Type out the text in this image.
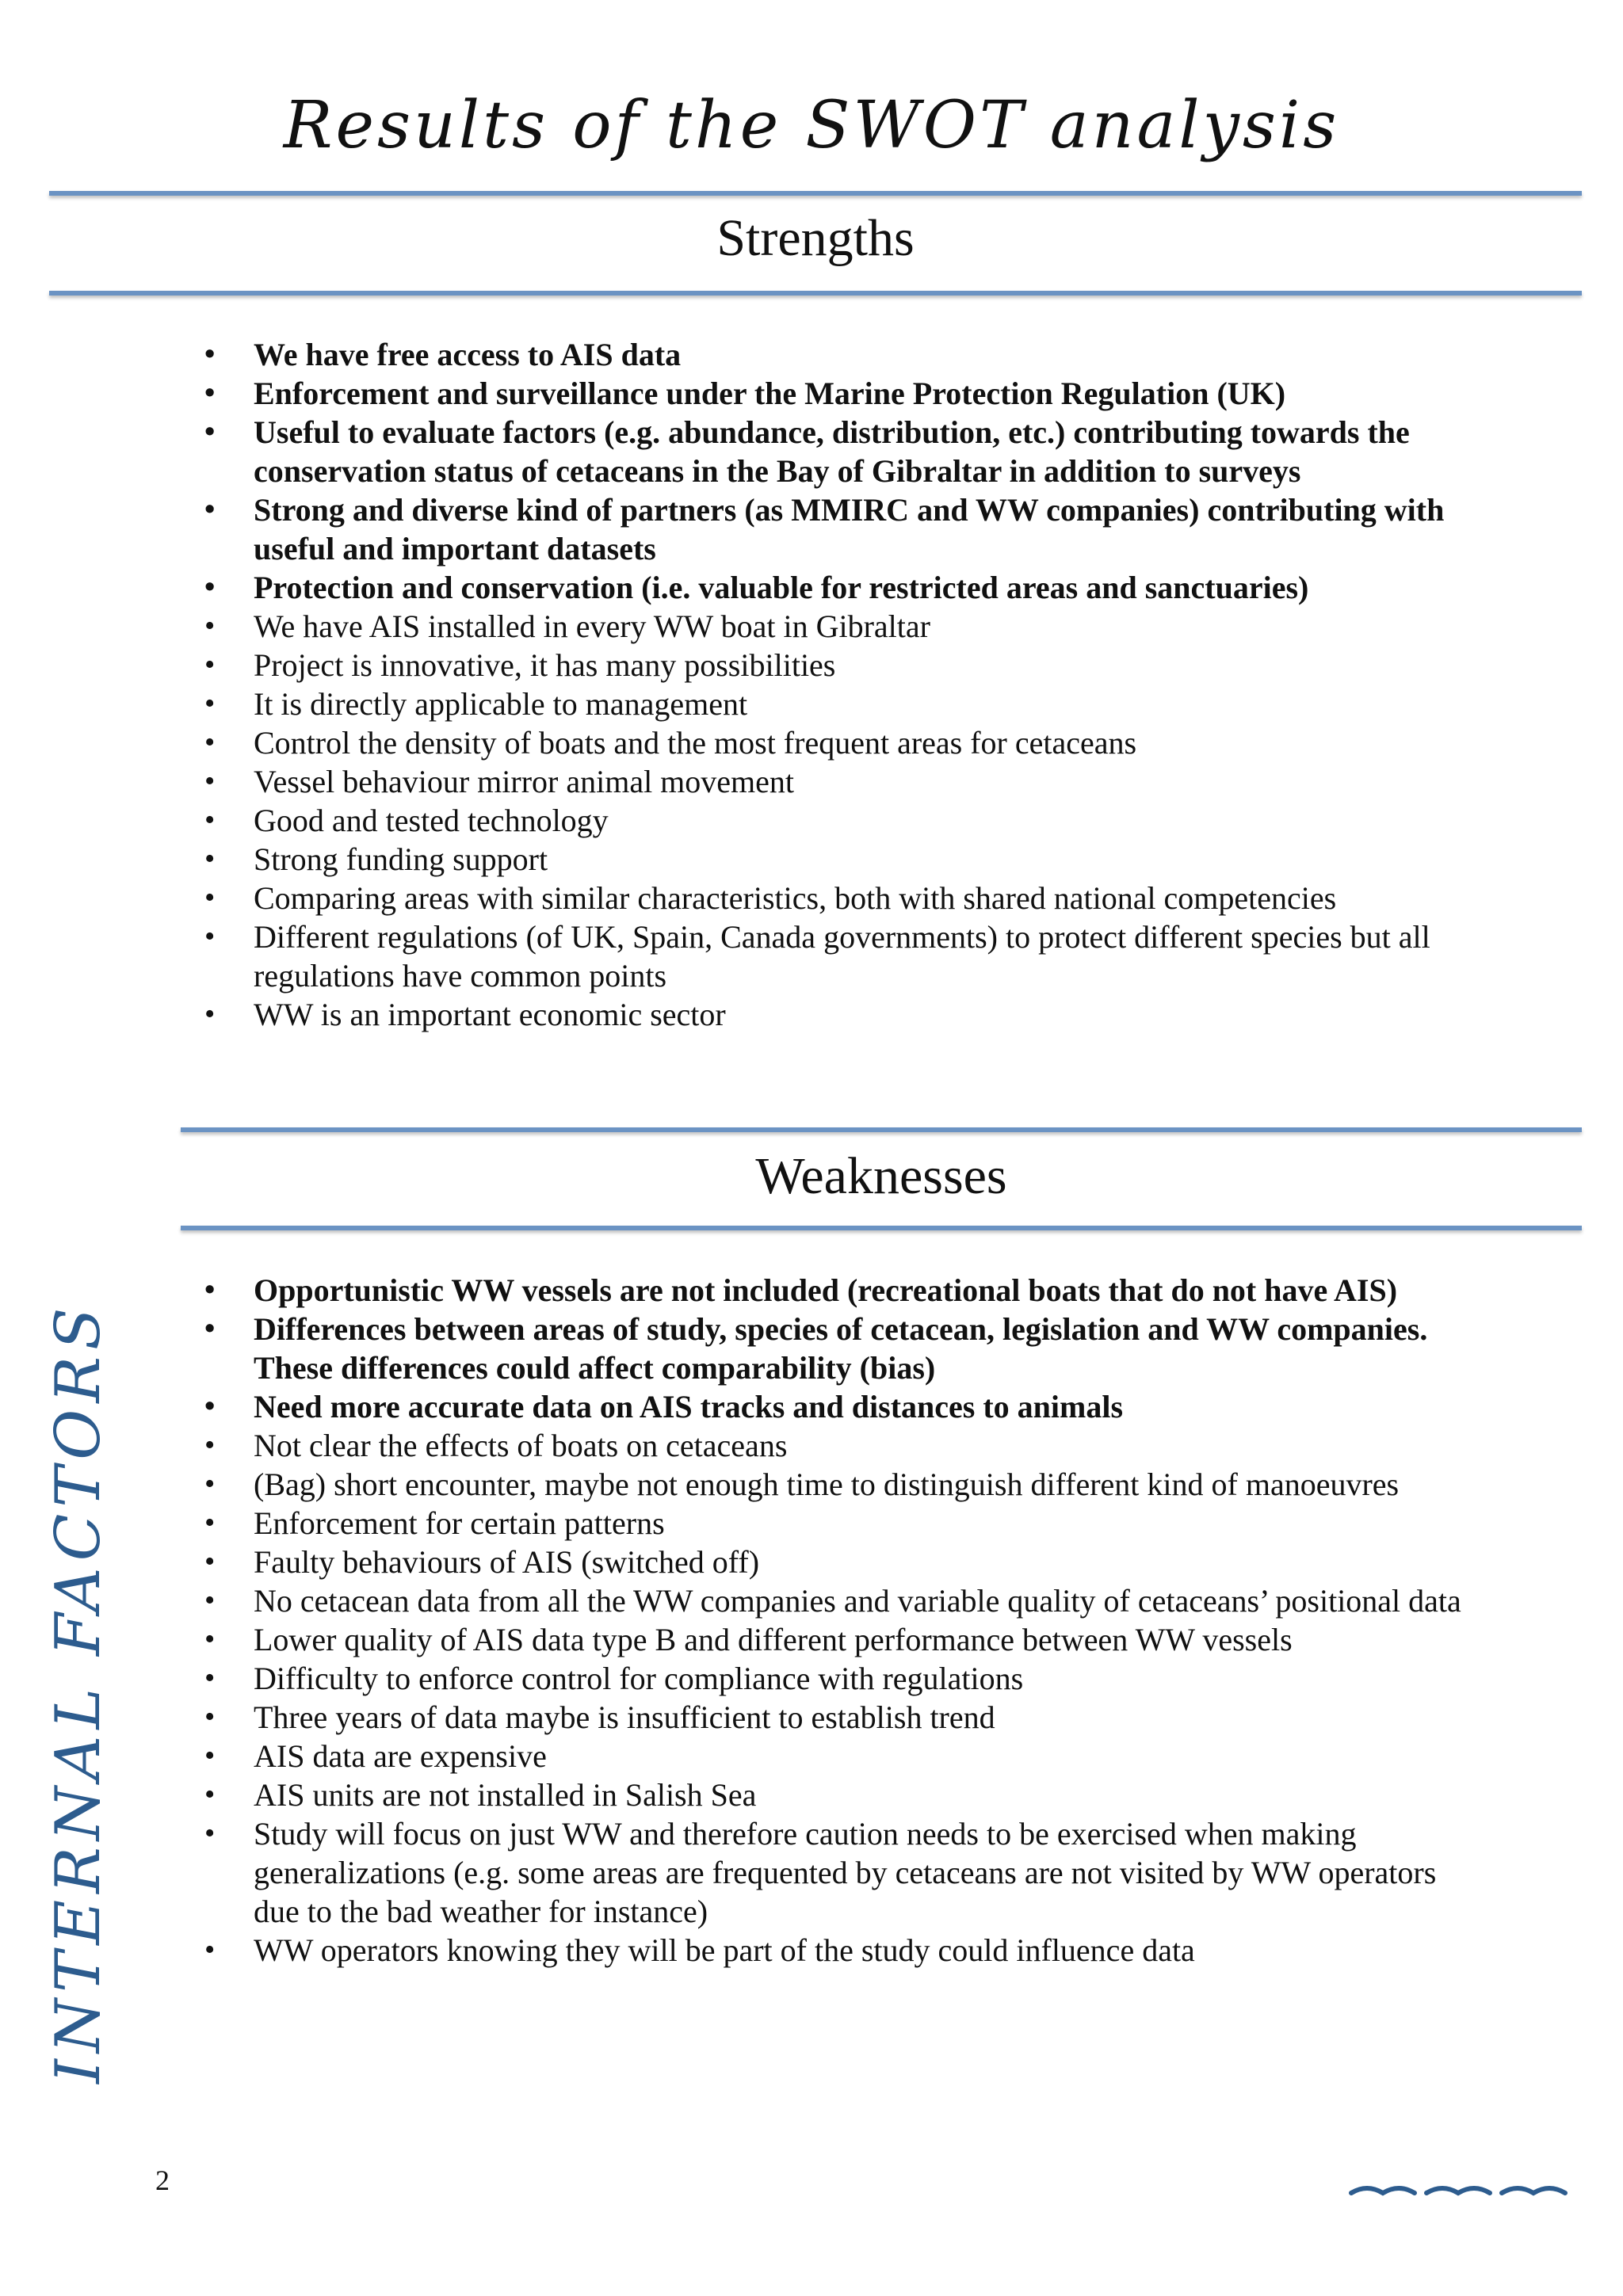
Results of the SWOT analysis
Strengths
• We have free access to AIS data
• Enforcement and surveillance under the Marine Protection Regulation (UK)
• Useful to evaluate factors (e.g. abundance, distribution, etc.) contributing towards the conservation status of cetaceans in the Bay of Gibraltar in addition to surveys
• Strong and diverse kind of partners (as MMIRC and WW companies) contributing with useful and important datasets
• Protection and conservation (i.e. valuable for restricted areas and sanctuaries)
• We have AIS installed in every WW boat in Gibraltar
• Project is innovative, it has many possibilities
• It is directly applicable to management
• Control the density of boats and the most frequent areas for cetaceans
• Vessel behaviour mirror animal movement
• Good and tested technology
• Strong funding support
• Comparing areas with similar characteristics, both with shared national competencies
• Different regulations (of UK, Spain, Canada governments) to protect different species but all regulations have common points
• WW is an important economic sector
Weaknesses
• Opportunistic WW vessels are not included (recreational boats that do not have AIS)
• Differences between areas of study, species of cetacean, legislation and WW companies. These differences could affect comparability (bias)
• Need more accurate data on AIS tracks and distances to animals
• Not clear the effects of boats on cetaceans
• (Bag) short encounter, maybe not enough time to distinguish different kind of manoeuvres
• Enforcement for certain patterns
• Faulty behaviours of AIS (switched off)
• No cetacean data from all the WW companies and variable quality of cetaceans’ positional data
• Lower quality of AIS data type B and different performance between WW vessels
• Difficulty to enforce control for compliance with regulations
• Three years of data maybe is insufficient to establish trend
• AIS data are expensive
• AIS units are not installed in Salish Sea
• Study will focus on just WW and therefore caution needs to be exercised when making generalizations (e.g. some areas are frequented by cetaceans are not visited by WW operators due to the bad weather for instance)
• WW operators knowing they will be part of the study could influence data
INTERNAL FACTORS
2
